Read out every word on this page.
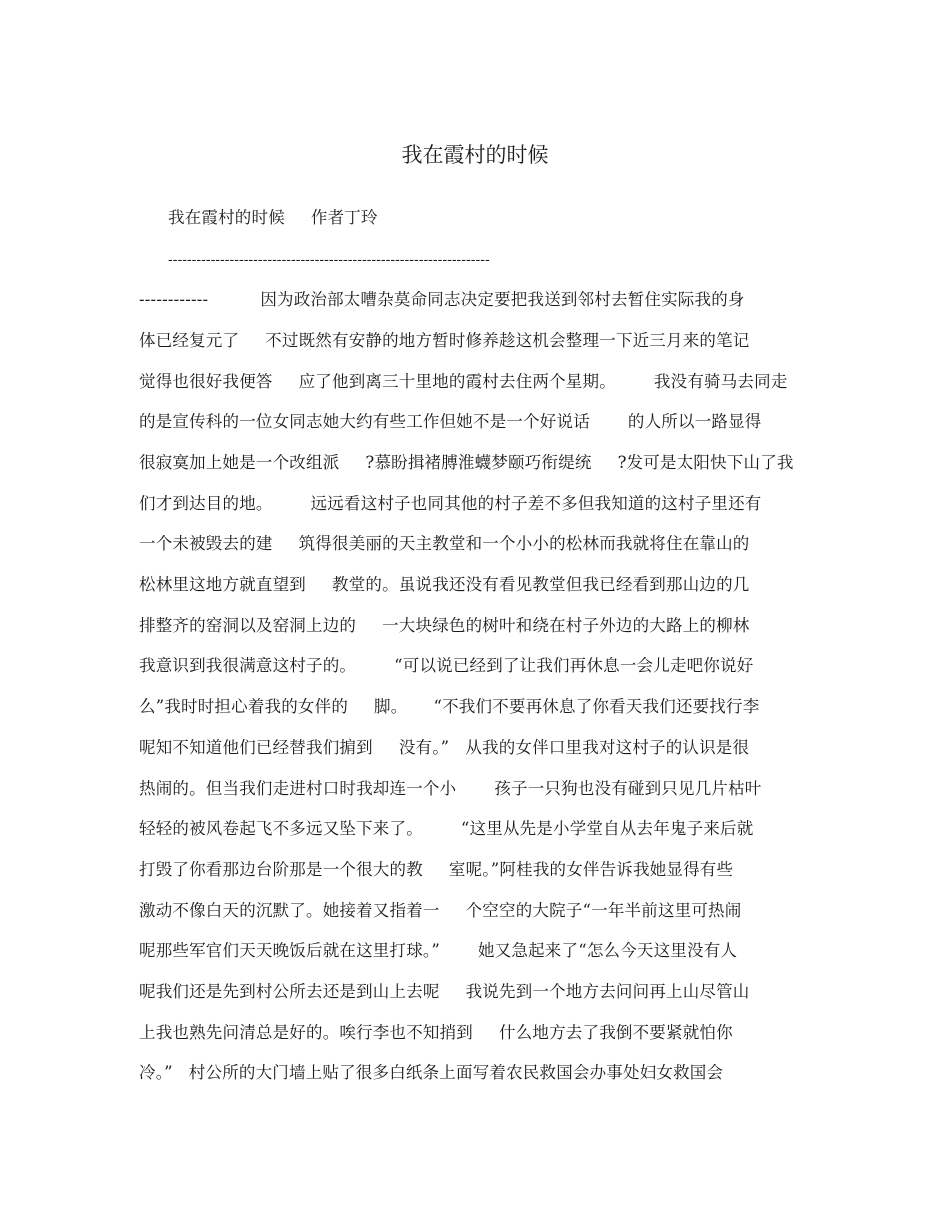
我在霞村的时候
我在霞村的时候 作者丁玲
--------------------------------------------------------------------
------------	因为政治部太嘈杂莫命同志决定要把我送到邻村去暂住实际我的身
体已经复元了 不过既然有安静的地方暂时修养趁这机会整理一下近三月来的笔记
觉得也很好我便答 应了他到离三十里地的霞村去住两个星期。 我没有骑马去同走
的是宣传科的一位女同志她大约有些工作但她不是一个好说话 的人所以一路显得
很寂寞加上她是一个改组派 ?慕盼揖褚膊淮蠛梦颐巧衔缇统 ?发可是太阳快下山了我
们才到达目的地。 远远看这村子也同其他的村子差不多但我知道的这村子里还有
一个未被毁去的建 筑得很美丽的天主教堂和一个小小的松林而我就将住在靠山的
松林里这地方就直望到 教堂的。虽说我还没有看见教堂但我已经看到那山边的几
排整齐的窑洞以及窑洞上边的 一大块绿色的树叶和绕在村子外边的大路上的柳林
我意识到我很满意这村子的。 “可以说已经到了让我们再休息一会儿走吧你说好
么”我时时担心着我的女伴的 脚。 “不我们不要再休息了你看天我们还要找行李
呢知不知道他们已经替我们掮到 没有。” 从我的女伴口里我对这村子的认识是很
热闹的。但当我们走进村口时我却连一个小 孩子一只狗也没有碰到只见几片枯叶
轻轻的被风卷起飞不多远又坠下来了。 “这里从先是小学堂自从去年鬼子来后就
打毁了你看那边台阶那是一个很大的教 室呢。”阿桂我的女伴告诉我她显得有些
激动不像白天的沉默了。她接着又指着一 个空空的大院子“一年半前这里可热闹
呢那些军官们天天晚饭后就在这里打球。” 她又急起来了“怎么今天这里没有人
呢我们还是先到村公所去还是到山上去呢 我说先到一个地方去问问再上山尽管山
上我也熟先问清总是好的。唉行李也不知捎到 什么地方去了我倒不要紧就怕你
冷。” 村公所的大门墙上贴了很多白纸条上面写着农民救国会办事处妇女救国会
